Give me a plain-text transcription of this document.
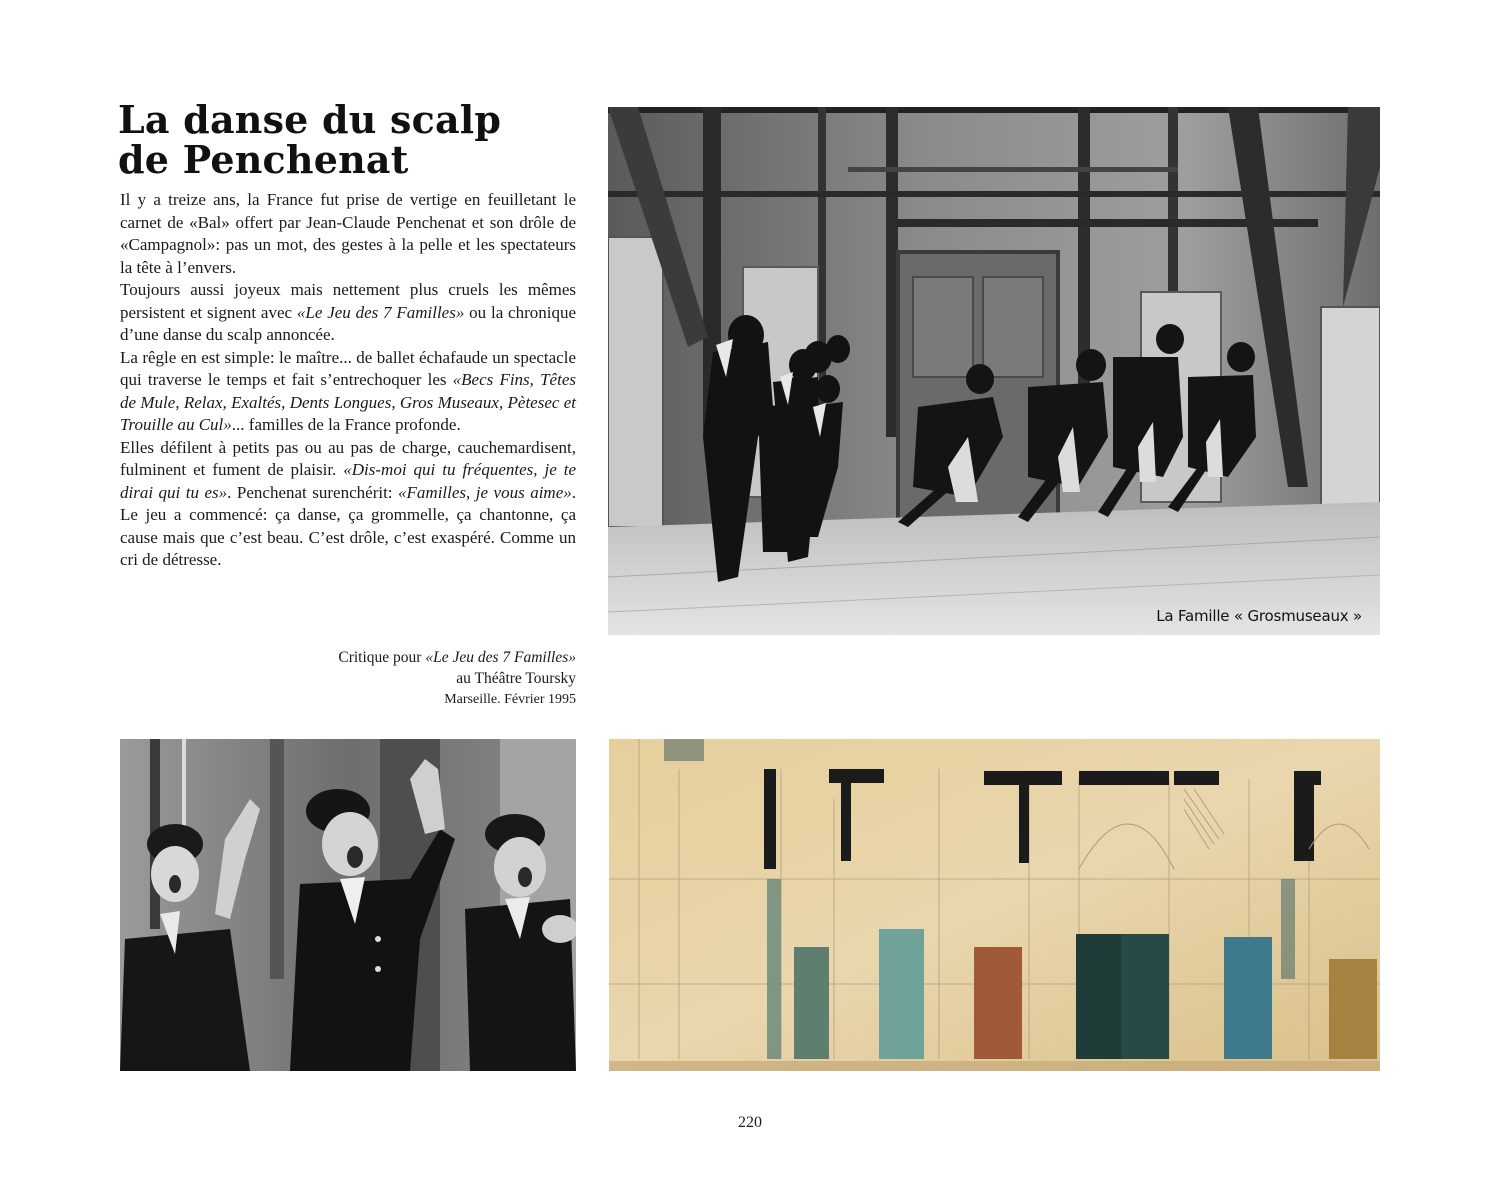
La danse du scalp
de Penchenat

Il y a treize ans, la France fut prise de vertige en feuilletant le carnet de «Bal» offert par Jean-Claude Penchenat et son drôle de «Campagnol»: pas un mot, des gestes à la pelle et les spectateurs la tête à l’envers.

Toujours aussi joyeux mais nettement plus cruels les mêmes persistent et signent avec «Le Jeu des 7 Familles» ou la chronique d’une danse du scalp annoncée.

La rêgle en est simple: le maître... de ballet échafaude un spectacle qui traverse le temps et fait s’entrechoquer les «Becs Fins, Têtes de Mule, Relax, Exaltés, Dents Longues, Gros Museaux, Pètesec et Trouille au Cul»... familles de la France profonde.

Elles défilent à petits pas ou au pas de charge, cauchemardisent, fulminent et fument de plaisir. «Dis-moi qui tu fréquentes, je te dirai qui tu es». Penchenat surenchérit: «Familles, je vous aime». Le jeu a commencé: ça danse, ça grommelle, ça chantonne, ça cause mais que c’est beau. C’est drôle, c’est exaspéré. Comme un cri de détresse.

Critique pour «Le Jeu des 7 Familles»
au Théâtre Toursky
Marseille. Février 1995
La Famille « Grosmuseaux »
220
